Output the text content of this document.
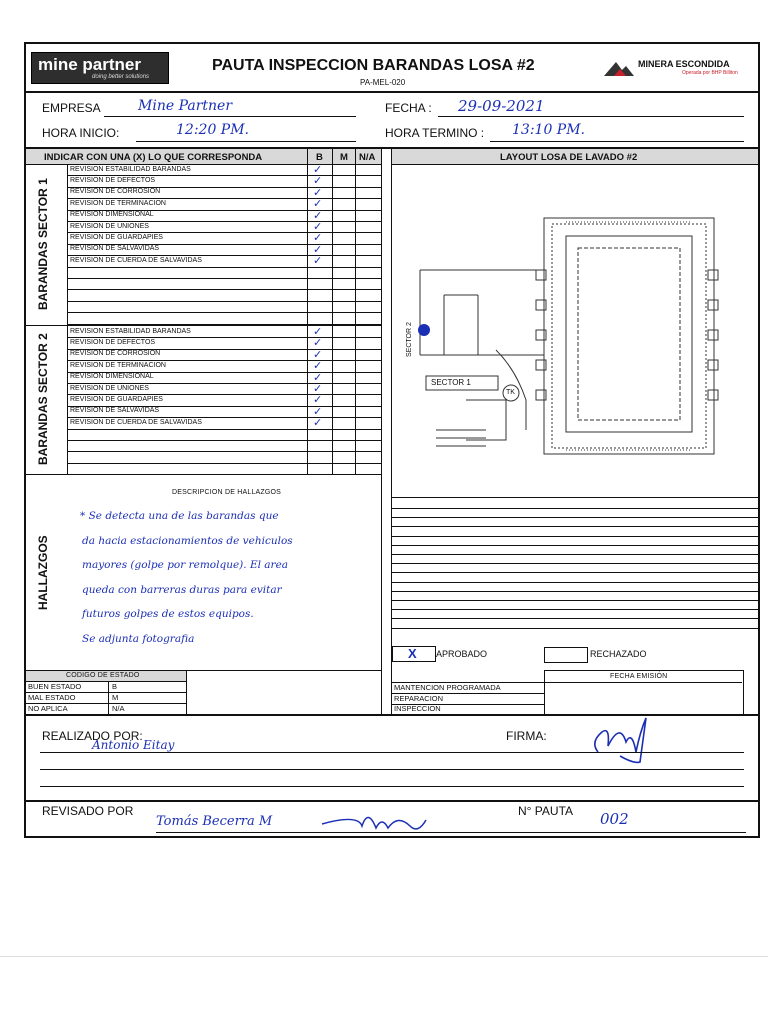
mine partner
doing better solutions
PAUTA INSPECCION BARANDAS LOSA #2
PA-MEL-020
MINERA ESCONDIDA
Operada por BHP Billiton
EMPRESA	Mine Partner	FECHA : 29-09-2021
HORA INICIO:	12:20 PM.	HORA TERMINO : 13:10 PM.
INDICAR CON UNA (X) LO QUE CORRESPONDA	B M N/A
BARANDAS SECTOR 1
BARANDAS SECTOR 2
LAYOUT LOSA DE LAVADO #2
SECTOR 1
SECTOR 2
TK
HALLAZGOS
DESCRIPCION DE HALLAZGOS
X APROBADO	RECHAZADO
CODIGO DE ESTADO	FECHA EMISIÓN
REALIZADO POR:
Antonio Eitay
FIRMA:
REVISADO POR
Tomás Becerra M
N° PAUTA 002
REVISION ESTABILIDAD BARANDAS	✓
REVISION DE DEFECTOS	✓
REVISION DE CORROSION	✓
REVISION DE TERMINACION	✓
REVISION DIMENSIONAL	✓
REVISION DE UNIONES	✓
REVISION DE GUARDAPIES	✓
REVISION DE SALVAVIDAS	✓
REVISION DE CUERDA DE SALVAVIDAS	✓
REVISION ESTABILIDAD BARANDAS	✓
REVISION DE DEFECTOS	✓
REVISION DE CORROSION	✓
REVISION DE TERMINACION	✓
REVISION DIMENSIONAL	✓
REVISION DE UNIONES	✓
REVISION DE GUARDAPIES	✓
REVISION DE SALVAVIDAS	✓
REVISION DE CUERDA DE SALVAVIDAS	✓
* Se detecta una de las barandas que
da hacia estacionamientos de vehiculos
mayores (golpe por remolque). El area
queda con barreras duras para evitar
futuros golpes de estos equipos.
Se adjunta fotografia
BUEN ESTADO	B
MAL ESTADO	M
NO APLICA	N/A
MANTENCION PROGRAMADA
REPARACION
INSPECCION
